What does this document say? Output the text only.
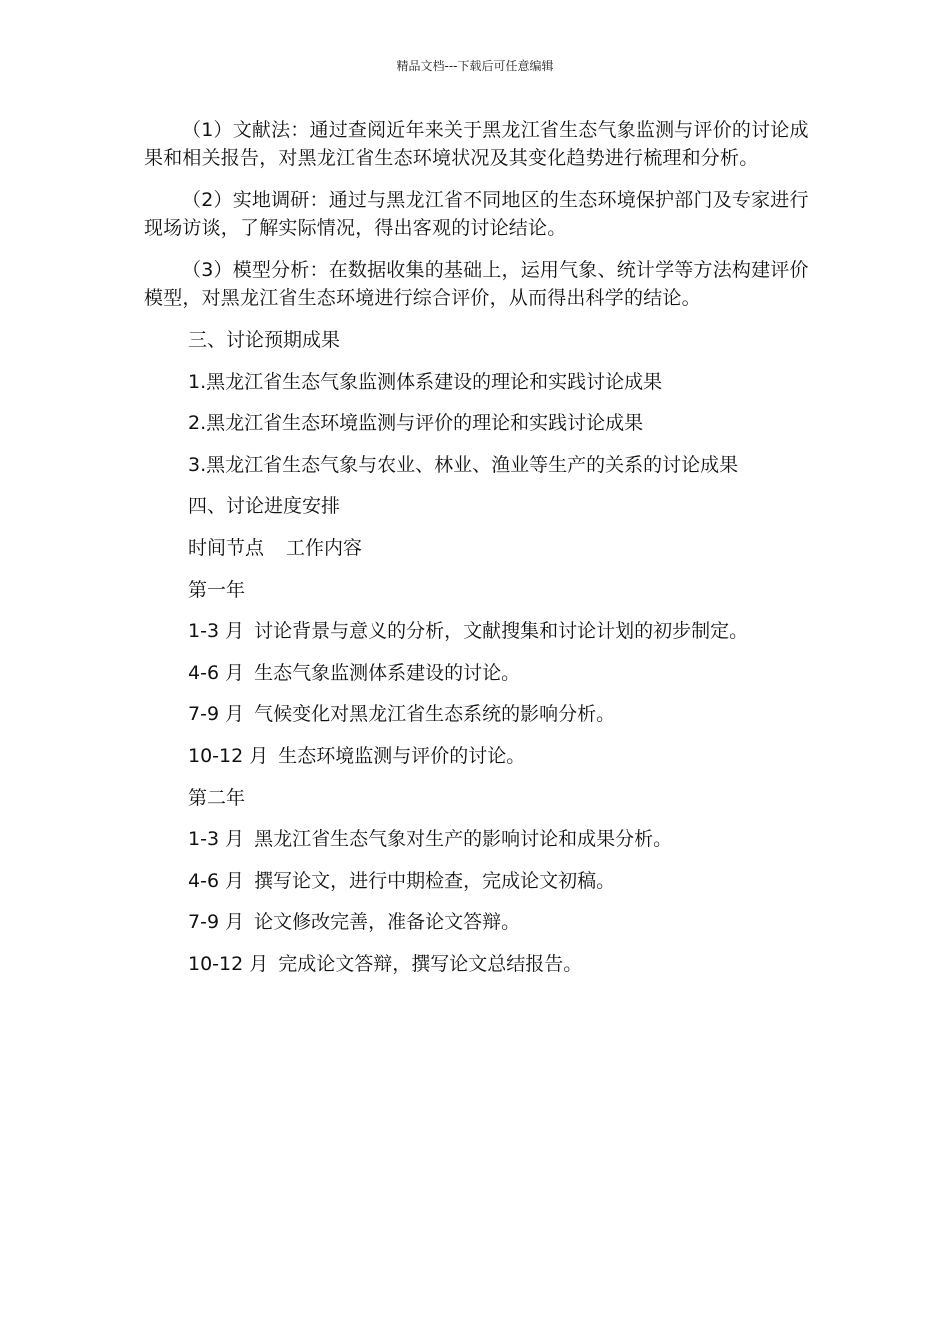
精品文档---下载后可任意编辑

（1）文献法：通过查阅近年来关于黑龙江省生态气象监测与评价的讨论成果和相关报告，对黑龙江省生态环境状况及其变化趋势进行梳理和分析。

（2）实地调研：通过与黑龙江省不同地区的生态环境保护部门及专家进行现场访谈，了解实际情况，得出客观的讨论结论。

（3）模型分析：在数据收集的基础上，运用气象、统计学等方法构建评价模型，对黑龙江省生态环境进行综合评价，从而得出科学的结论。

三、讨论预期成果
1.黑龙江省生态气象监测体系建设的理论和实践讨论成果
2.黑龙江省生态环境监测与评价的理论和实践讨论成果
3.黑龙江省生态气象与农业、林业、渔业等生产的关系的讨论成果
四、讨论进度安排
时间节点 工作内容
第一年
1-3 月 讨论背景与意义的分析，文献搜集和讨论计划的初步制定。
4-6 月 生态气象监测体系建设的讨论。
7-9 月 气候变化对黑龙江省生态系统的影响分析。
10-12 月 生态环境监测与评价的讨论。
第二年
1-3 月 黑龙江省生态气象对生产的影响讨论和成果分析。
4-6 月 撰写论文，进行中期检查，完成论文初稿。
7-9 月 论文修改完善，准备论文答辩。
10-12 月 完成论文答辩，撰写论文总结报告。
